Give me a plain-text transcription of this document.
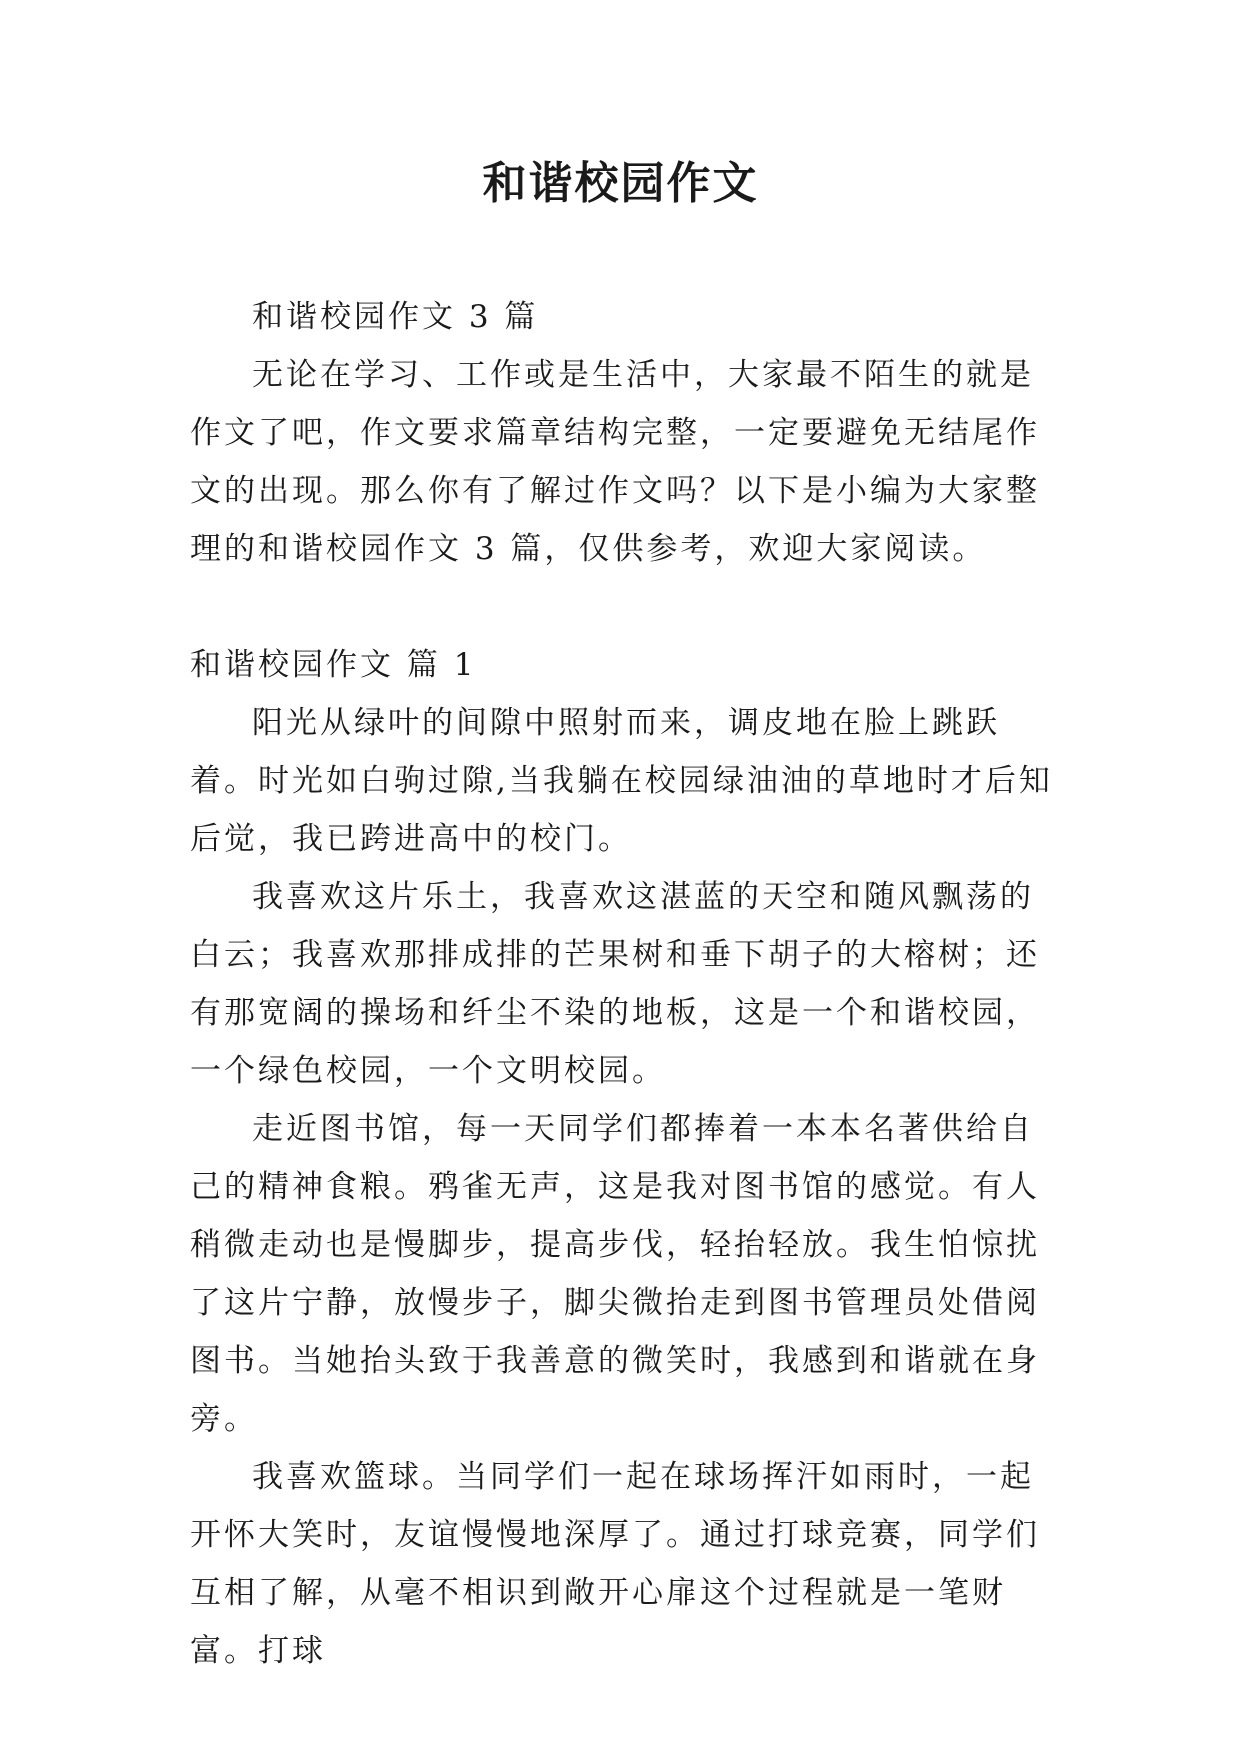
和谐校园作文

和谐校园作文 3 篇

无论在学习、工作或是生活中，大家最不陌生的就是作文了吧，作文要求篇章结构完整，一定要避免无结尾作文的出现。那么你有了解过作文吗？以下是小编为大家整理的和谐校园作文 3 篇，仅供参考，欢迎大家阅读。

和谐校园作文 篇 1

阳光从绿叶的间隙中照射而来，调皮地在脸上跳跃着。时光如白驹过隙,当我躺在校园绿油油的草地时才后知后觉，我已跨进高中的校门。

我喜欢这片乐土，我喜欢这湛蓝的天空和随风飘荡的白云；我喜欢那排成排的芒果树和垂下胡子的大榕树；还有那宽阔的操场和纤尘不染的地板，这是一个和谐校园，一个绿色校园，一个文明校园。

走近图书馆，每一天同学们都捧着一本本名著供给自己的精神食粮。鸦雀无声，这是我对图书馆的感觉。有人稍微走动也是慢脚步，提高步伐，轻抬轻放。我生怕惊扰了这片宁静，放慢步子，脚尖微抬走到图书管理员处借阅图书。当她抬头致于我善意的微笑时，我感到和谐就在身旁。

我喜欢篮球。当同学们一起在球场挥汗如雨时，一起开怀大笑时，友谊慢慢地深厚了。通过打球竞赛，同学们互相了解，从毫不相识到敞开心扉这个过程就是一笔财富。打球
